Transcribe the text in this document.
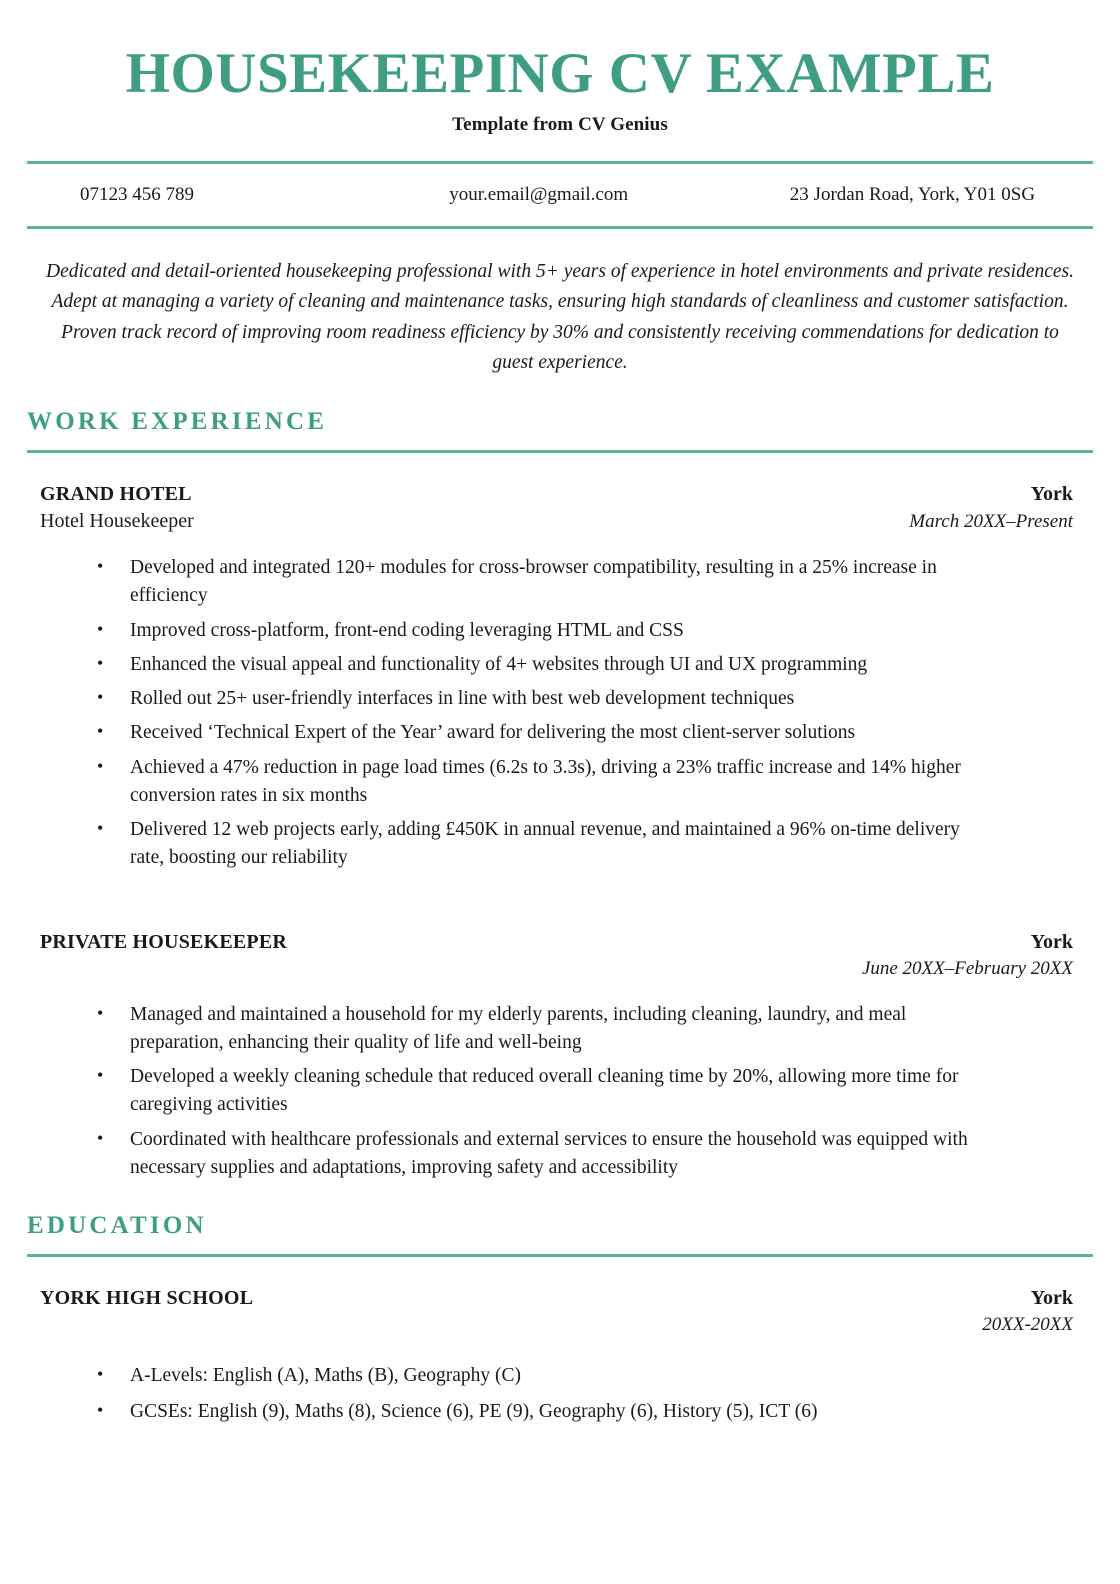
HOUSEKEEPING CV EXAMPLE
Template from CV Genius
07123 456 789	your.email@gmail.com	23 Jordan Road, York, Y01 0SG

Dedicated and detail-oriented housekeeping professional with 5+ years of experience in hotel environments and private residences. Adept at managing a variety of cleaning and maintenance tasks, ensuring high standards of cleanliness and customer satisfaction. Proven track record of improving room readiness efficiency by 30% and consistently receiving commendations for dedication to guest experience.

WORK EXPERIENCE
GRAND HOTEL	York
Hotel Housekeeper	March 20XX–Present
• Developed and integrated 120+ modules for cross-browser compatibility, resulting in a 25% increase in efficiency
• Improved cross-platform, front-end coding leveraging HTML and CSS
• Enhanced the visual appeal and functionality of 4+ websites through UI and UX programming
• Rolled out 25+ user-friendly interfaces in line with best web development techniques
• Received ‘Technical Expert of the Year’ award for delivering the most client-server solutions
• Achieved a 47% reduction in page load times (6.2s to 3.3s), driving a 23% traffic increase and 14% higher conversion rates in six months
• Delivered 12 web projects early, adding £450K in annual revenue, and maintained a 96% on-time delivery rate, boosting our reliability
PRIVATE HOUSEKEEPER	York
June 20XX–February 20XX
• Managed and maintained a household for my elderly parents, including cleaning, laundry, and meal preparation, enhancing their quality of life and well-being
• Developed a weekly cleaning schedule that reduced overall cleaning time by 20%, allowing more time for caregiving activities
• Coordinated with healthcare professionals and external services to ensure the household was equipped with necessary supplies and adaptations, improving safety and accessibility
EDUCATION
YORK HIGH SCHOOL	York
20XX-20XX
• A-Levels: English (A), Maths (B), Geography (C)
• GCSEs: English (9), Maths (8), Science (6), PE (9), Geography (6), History (5), ICT (6)
